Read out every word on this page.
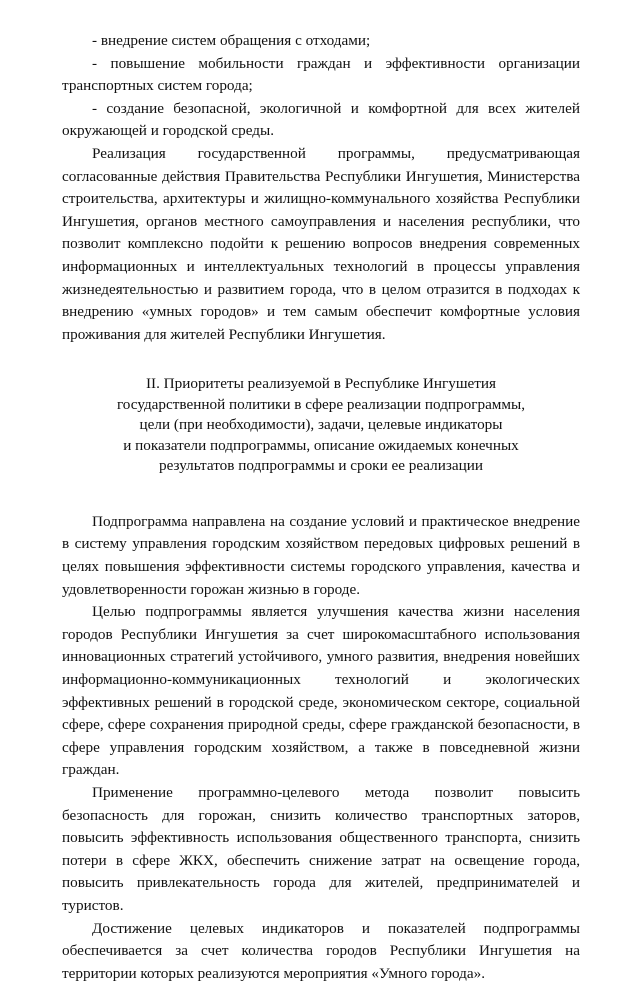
- внедрение систем обращения с отходами;

- повышение мобильности граждан и эффективности организации транспортных систем города;

- создание безопасной, экологичной и комфортной для всех жителей окружающей и городской среды.

Реализация государственной программы, предусматривающая согласованные действия Правительства Республики Ингушетия, Министерства строительства, архитектуры и жилищно-коммунального хозяйства Республики Ингушетия, органов местного самоуправления и населения республики, что позволит комплексно подойти к решению вопросов внедрения современных информационных и интеллектуальных технологий в процессы управления жизнедеятельностью и развитием города, что в целом отразится в подходах к внедрению «умных городов» и тем самым обеспечит комфортные условия проживания для жителей Республики Ингушетия.

II. Приоритеты реализуемой в Республике Ингушетия
государственной политики в сфере реализации подпрограммы,
цели (при необходимости), задачи, целевые индикаторы
и показатели подпрограммы, описание ожидаемых конечных
результатов подпрограммы и сроки ее реализации

Подпрограмма направлена на создание условий и практическое внедрение в систему управления городским хозяйством передовых цифровых решений в целях повышения эффективности системы городского управления, качества и удовлетворенности горожан жизнью в городе.

Целью подпрограммы является улучшения качества жизни населения городов Республики Ингушетия за счет широкомасштабного использования инновационных стратегий устойчивого, умного развития, внедрения новейших информационно-коммуникационных технологий и экологических эффективных решений в городской среде, экономическом секторе, социальной сфере, сфере сохранения природной среды, сфере гражданской безопасности, в сфере управления городским хозяйством, а также в повседневной жизни граждан.

Применение программно-целевого метода позволит повысить безопасность для горожан, снизить количество транспортных заторов, повысить эффективность использования общественного транспорта, снизить потери в сфере ЖКХ, обеспечить снижение затрат на освещение города, повысить привлекательность города для жителей, предпринимателей и туристов.

Достижение целевых индикаторов и показателей подпрограммы обеспечивается за счет количества городов Республики Ингушетия на территории которых реализуются мероприятия «Умного города».
